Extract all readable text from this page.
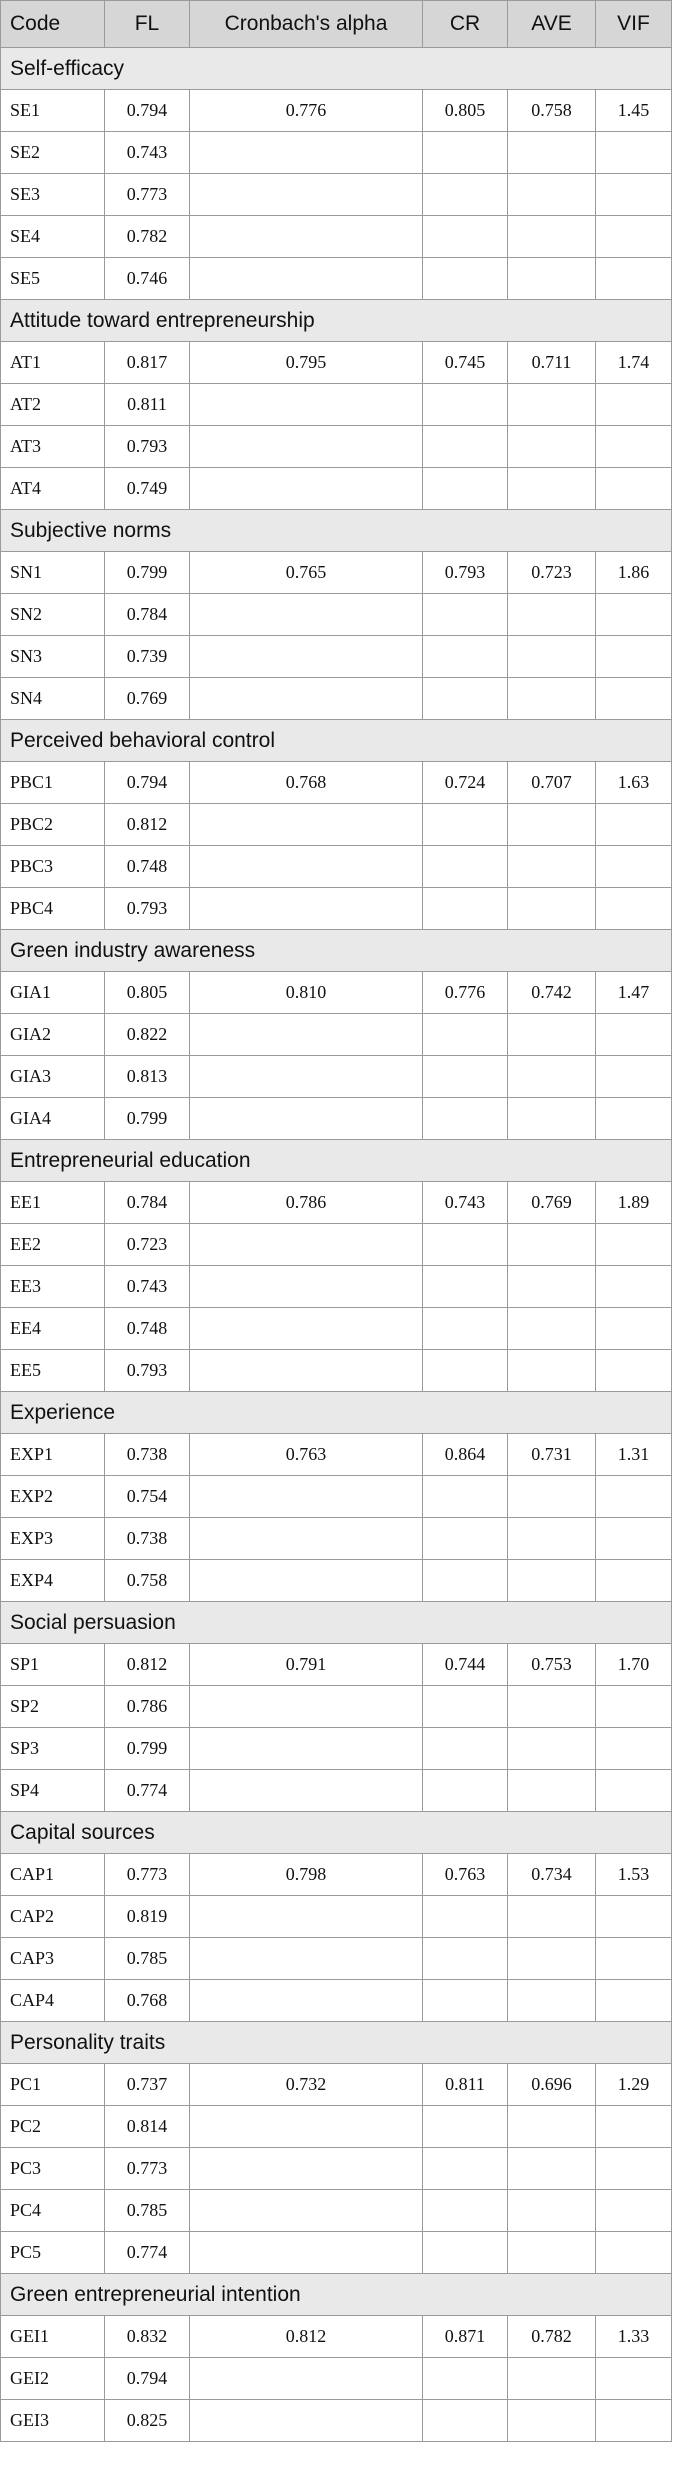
Code	FL	Cronbach's alpha	CR	AVE	VIF
Self-efficacy					
SE1	0.794	0.776	0.805	0.758	1.45
SE2	0.743				
SE3	0.773				
SE4	0.782				
SE5	0.746				
Attitude toward entrepreneurship					
AT1	0.817	0.795	0.745	0.711	1.74
AT2	0.811				
AT3	0.793				
AT4	0.749				
Subjective norms					
SN1	0.799	0.765	0.793	0.723	1.86
SN2	0.784				
SN3	0.739				
SN4	0.769				
Perceived behavioral control					
PBC1	0.794	0.768	0.724	0.707	1.63
PBC2	0.812				
PBC3	0.748				
PBC4	0.793				
Green industry awareness					
GIA1	0.805	0.810	0.776	0.742	1.47
GIA2	0.822				
GIA3	0.813				
GIA4	0.799				
Entrepreneurial education					
EE1	0.784	0.786	0.743	0.769	1.89
EE2	0.723				
EE3	0.743				
EE4	0.748				
EE5	0.793				
Experience					
EXP1	0.738	0.763	0.864	0.731	1.31
EXP2	0.754				
EXP3	0.738				
EXP4	0.758				
Social persuasion					
SP1	0.812	0.791	0.744	0.753	1.70
SP2	0.786				
SP3	0.799				
SP4	0.774				
Capital sources					
CAP1	0.773	0.798	0.763	0.734	1.53
CAP2	0.819				
CAP3	0.785				
CAP4	0.768				
Personality traits					
PC1	0.737	0.732	0.811	0.696	1.29
PC2	0.814				
PC3	0.773				
PC4	0.785				
PC5	0.774				
Green entrepreneurial intention					
GEI1	0.832	0.812	0.871	0.782	1.33
GEI2	0.794				
GEI3	0.825				
